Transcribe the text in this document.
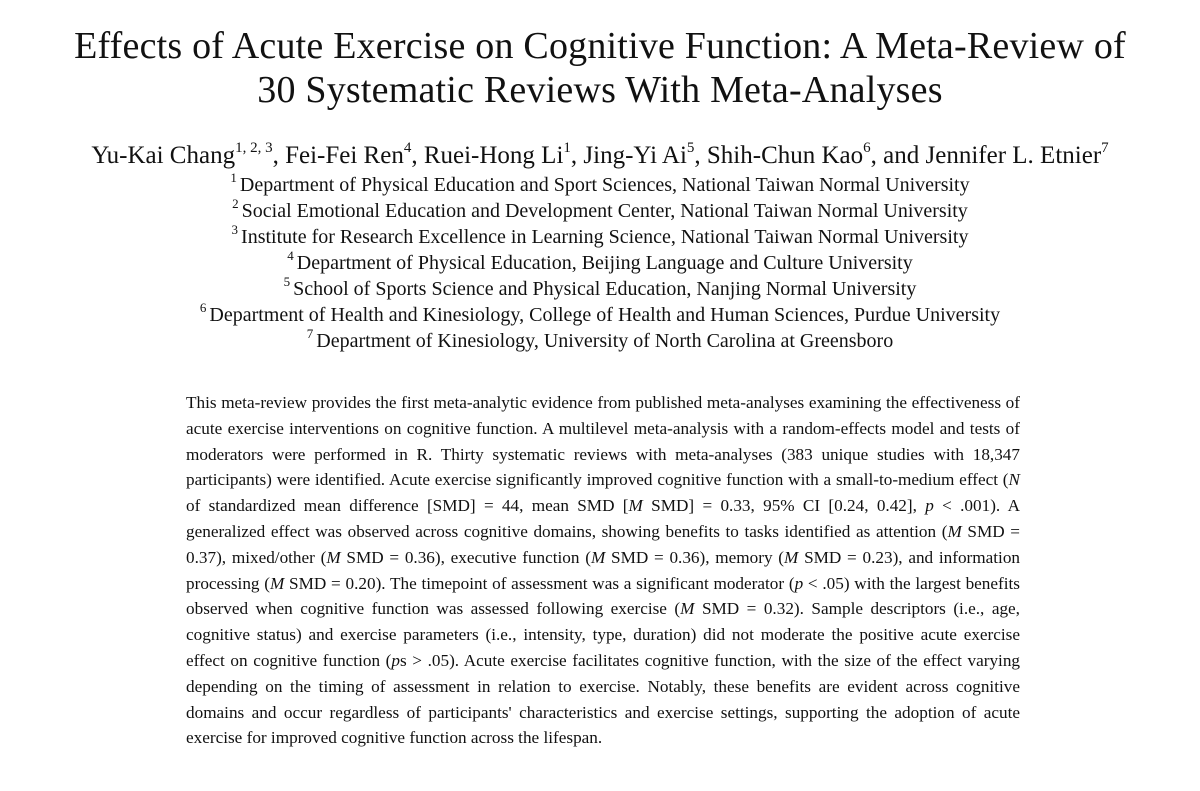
Effects of Acute Exercise on Cognitive Function: A Meta-Review of
30 Systematic Reviews With Meta-Analyses
Yu-Kai Chang$^{1, 2, 3}$, Fei-Fei Ren$^4$, Ruei-Hong Li$^1$, Jing-Yi Ai$^5$, Shih-Chun Kao$^6$, and Jennifer L. Etnier$^7$
$^1$ Department of Physical Education and Sport Sciences, National Taiwan Normal University
$^2$ Social Emotional Education and Development Center, National Taiwan Normal University
$^3$ Institute for Research Excellence in Learning Science, National Taiwan Normal University
$^4$ Department of Physical Education, Beijing Language and Culture University
$^5$ School of Sports Science and Physical Education, Nanjing Normal University
$^6$ Department of Health and Kinesiology, College of Health and Human Sciences, Purdue University
$^7$ Department of Kinesiology, University of North Carolina at Greensboro
This meta-review provides the first meta-analytic evidence from published meta-analyses examining the effectiveness of acute exercise interventions on cognitive function. A multilevel meta-analysis with a random-effects model and tests of moderators were performed in R. Thirty systematic reviews with meta-analyses (383 unique studies with 18,347 participants) were identified. Acute exercise significantly improved cognitive function with a small-to-medium effect (N of standardized mean difference [SMD] = 44, mean SMD [M SMD] = 0.33, 95% CI [0.24, 0.42], p < .001). A generalized effect was observed across cognitive domains, showing benefits to tasks identified as attention (M SMD = 0.37), mixed/other (M SMD = 0.36), executive function (M SMD = 0.36), memory (M SMD = 0.23), and information processing (M SMD = 0.20). The timepoint of assessment was a significant moderator (p < .05) with the largest benefits observed when cognitive function was assessed following exercise (M SMD = 0.32). Sample descriptors (i.e., age, cognitive status) and exercise parameters (i.e., intensity, type, duration) did not moderate the positive acute exercise effect on cognitive function (ps > .05). Acute exercise facilitates cognitive function, with the size of the effect varying depending on the timing of assessment in relation to exercise. Notably, these benefits are evident across cognitive domains and occur regardless of participants' characteristics and exercise settings, supporting the adoption of acute exercise for improved cognitive function across the lifespan.
